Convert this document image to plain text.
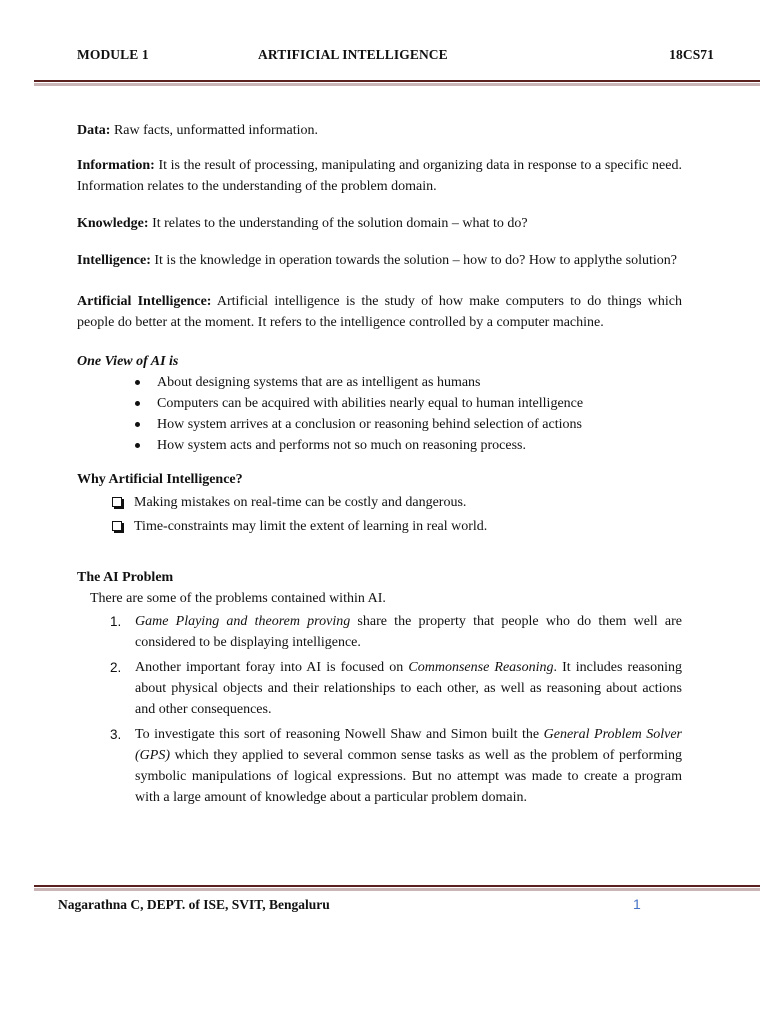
MODULE 1	ARTIFICIAL INTELLIGENCE	18CS71

Data: Raw facts, unformatted information.

Information: It is the result of processing, manipulating and organizing data in response to a specific need. Information relates to the understanding of the problem domain.

Knowledge: It relates to the understanding of the solution domain – what to do?

Intelligence: It is the knowledge in operation towards the solution – how to do? How to applythe solution?

Artificial Intelligence: Artificial intelligence is the study of how make computers to do things which people do better at the moment. It refers to the intelligence controlled by a computer machine.

One View of AI is
About designing systems that are as intelligent as humans
Computers can be acquired with abilities nearly equal to human intelligence
How system arrives at a conclusion or reasoning behind selection of actions
How system acts and performs not so much on reasoning process.
Why Artificial Intelligence?
Making mistakes on real-time can be costly and dangerous.
Time-constraints may limit the extent of learning in real world.
The AI Problem
There are some of the problems contained within AI.
1. Game Playing and theorem proving share the property that people who do them well are considered to be displaying intelligence.
2. Another important foray into AI is focused on Commonsense Reasoning. It includes reasoning about physical objects and their relationships to each other, as well as reasoning about actions and other consequences.
3. To investigate this sort of reasoning Nowell Shaw and Simon built the General Problem Solver (GPS) which they applied to several common sense tasks as well as the problem of performing symbolic manipulations of logical expressions. But no attempt was made to create a program with a large amount of knowledge about a particular problem domain.
Nagarathna C, DEPT. of ISE, SVIT, Bengaluru	1
